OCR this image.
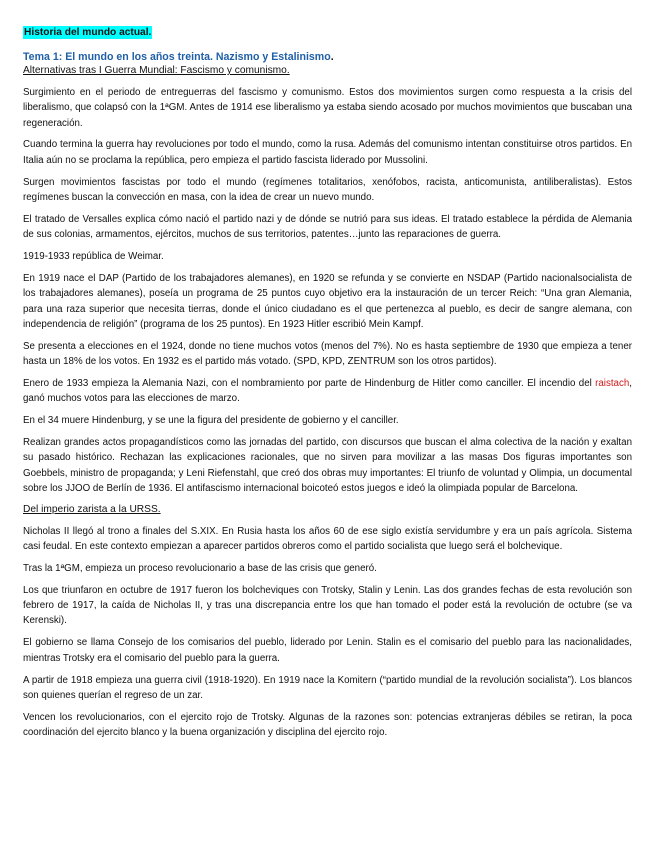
Historia del mundo actual.
Tema 1: El mundo en los años treinta. Nazismo y Estalinismo.
Alternativas tras I Guerra Mundial: Fascismo y comunismo.

Surgimiento en el periodo de entreguerras del fascismo y comunismo. Estos dos movimientos surgen como respuesta a la crisis del liberalismo, que colapsó con la 1ªGM. Antes de 1914 ese liberalismo ya estaba siendo acosado por muchos movimientos que buscaban una regeneración.

Cuando termina la guerra hay revoluciones por todo el mundo, como la rusa. Además del comunismo intentan constituirse otros partidos. En Italia aún no se proclama la república, pero empieza el partido fascista liderado por Mussolini.

Surgen movimientos fascistas por todo el mundo (regímenes totalitarios, xenófobos, racista, anticomunista, antiliberalistas). Estos regímenes buscan la convección en masa, con la idea de crear un nuevo mundo.

El tratado de Versalles explica cómo nació el partido nazi y de dónde se nutrió para sus ideas. El tratado establece la pérdida de Alemania de sus colonias, armamentos, ejércitos, muchos de sus territorios, patentes…junto las reparaciones de guerra.

1919-1933 república de Weimar.

En 1919 nace el DAP (Partido de los trabajadores alemanes), en 1920 se refunda y se convierte en NSDAP (Partido nacionalsocialista de los trabajadores alemanes), poseía un programa de 25 puntos cuyo objetivo era la instauración de un tercer Reich: “Una gran Alemania, para una raza superior que necesita tierras, donde el único ciudadano es el que pertenezca al pueblo, es decir de sangre alemana, con independencia de religión” (programa de los 25 puntos). En 1923 Hitler escribió Mein Kampf.

Se presenta a elecciones en el 1924, donde no tiene muchos votos (menos del 7%). No es hasta septiembre de 1930 que empieza a tener hasta un 18% de los votos. En 1932 es el partido más votado. (SPD, KPD, ZENTRUM son los otros partidos).

Enero de 1933 empieza la Alemania Nazi, con el nombramiento por parte de Hindenburg de Hitler como canciller. El incendio del raistach, ganó muchos votos para las elecciones de marzo.

En el 34 muere Hindenburg, y se une la figura del presidente de gobierno y el canciller.

Realizan grandes actos propagandísticos como las jornadas del partido, con discursos que buscan el alma colectiva de la nación y exaltan su pasado histórico. Rechazan las explicaciones racionales, que no sirven para movilizar a las masas Dos figuras importantes son Goebbels, ministro de propaganda; y Leni Riefenstahl, que creó dos obras muy importantes: El triunfo de voluntad y Olimpia, un documental sobre los JJOO de Berlín de 1936. El antifascismo internacional boicoteó estos juegos e ideó la olimpiada popular de Barcelona.

Del imperio zarista a la URSS.

Nicholas II llegó al trono a finales del S.XIX. En Rusia hasta los años 60 de ese siglo existía servidumbre y era un país agrícola. Sistema casi feudal. En este contexto empiezan a aparecer partidos obreros como el partido socialista que luego será el bolchevique.

Tras la 1ªGM, empieza un proceso revolucionario a base de las crisis que generó.

Los que triunfaron en octubre de 1917 fueron los bolcheviques con Trotsky, Stalin y Lenin. Las dos grandes fechas de esta revolución son febrero de 1917, la caída de Nicholas II, y tras una discrepancia entre los que han tomado el poder está la revolución de octubre (se va Kerenski).

El gobierno se llama Consejo de los comisarios del pueblo, liderado por Lenin. Stalin es el comisario del pueblo para las nacionalidades, mientras Trotsky era el comisario del pueblo para la guerra.

A partir de 1918 empieza una guerra civil (1918-1920). En 1919 nace la Komitern (“partido mundial de la revolución socialista”). Los blancos son quienes querían el regreso de un zar.

Vencen los revolucionarios, con el ejercito rojo de Trotsky. Algunas de la razones son: potencias extranjeras débiles se retiran, la poca coordinación del ejercito blanco y la buena organización y disciplina del ejercito rojo.
